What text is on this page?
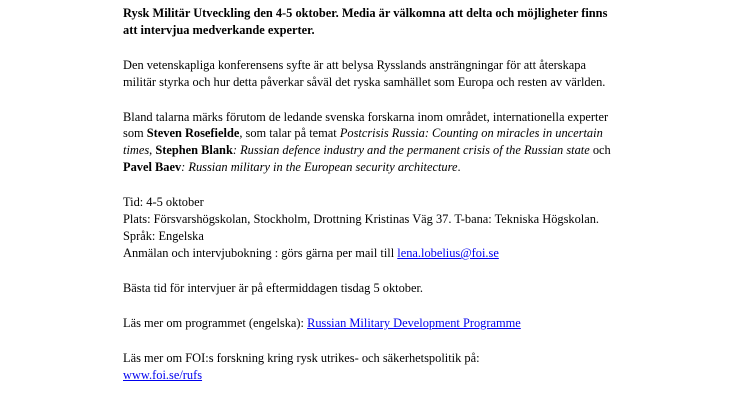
Rysk Militär Utveckling den 4-5 oktober. Media är välkomna att delta och möjligheter finns
att intervjua medverkande experter.
Den vetenskapliga konferensens syfte är att belysa Rysslands ansträngningar för att återskapa
militär styrka och hur detta påverkar såväl det ryska samhället som Europa och resten av världen.
Bland talarna märks förutom de ledande svenska forskarna inom området, internationella experter
som Steven Rosefielde, som talar på temat Postcrisis Russia: Counting on miracles in uncertain
times, Stephen Blank: Russian defence industry and the permanent crisis of the Russian state och
Pavel Baev: Russian military in the European security architecture.
Tid: 4-5 oktober
Plats: Försvarshögskolan, Stockholm, Drottning Kristinas Väg 37. T-bana: Tekniska Högskolan.
Språk: Engelska
Anmälan och intervjubokning : görs gärna per mail till lena.lobelius@foi.se
Bästa tid för intervjuer är på eftermiddagen tisdag 5 oktober.
Läs mer om programmet (engelska): Russian Military Development Programme
Läs mer om FOI:s forskning kring rysk utrikes- och säkerhetspolitik på:
www.foi.se/rufs
